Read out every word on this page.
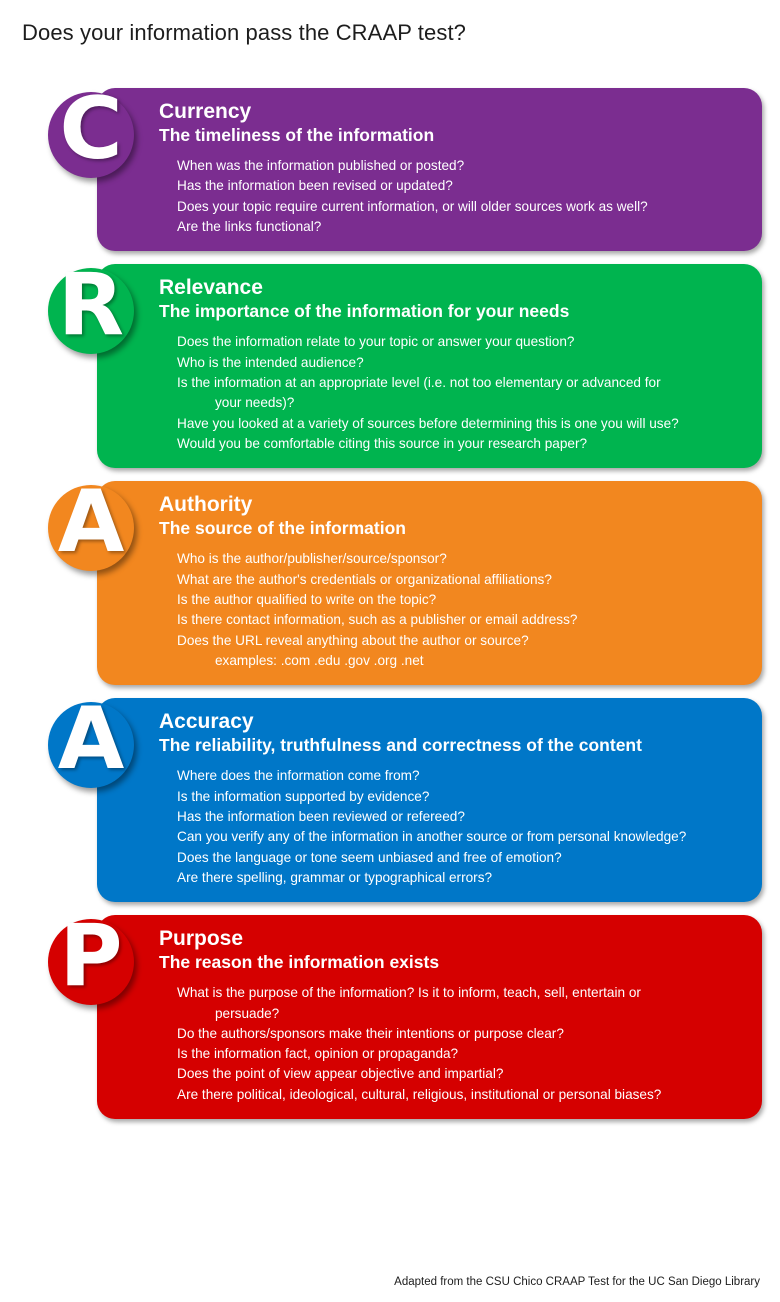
Does your information pass the CRAAP test?
Currency
The timeliness of the information
When was the information published or posted?
Has the information been revised or updated?
Does your topic require current information, or will older sources work as well?
Are the links functional?
C
Relevance
The importance of the information for your needs
Does the information relate to your topic or answer your question?
Who is the intended audience?
Is the information at an appropriate level (i.e. not too elementary or advanced for
your needs)?
Have you looked at a variety of sources before determining this is one you will use?
Would you be comfortable citing this source in your research paper?
R
Authority
The source of the information
Who is the author/publisher/source/sponsor?
What are the author's credentials or organizational affiliations?
Is the author qualified to write on the topic?
Is there contact information, such as a publisher or email address?
Does the URL reveal anything about the author or source?
examples: .com .edu .gov .org .net
A
Accuracy
The reliability, truthfulness and correctness of the content
Where does the information come from?
Is the information supported by evidence?
Has the information been reviewed or refereed?
Can you verify any of the information in another source or from personal knowledge?
Does the language or tone seem unbiased and free of emotion?
Are there spelling, grammar or typographical errors?
A
Purpose
The reason the information exists
What is the purpose of the information? Is it to inform, teach, sell, entertain or
persuade?
Do the authors/sponsors make their intentions or purpose clear?
Is the information fact, opinion or propaganda?
Does the point of view appear objective and impartial?
Are there political, ideological, cultural, religious, institutional or personal biases?
P
Adapted from the CSU Chico CRAAP Test for the UC San Diego Library
